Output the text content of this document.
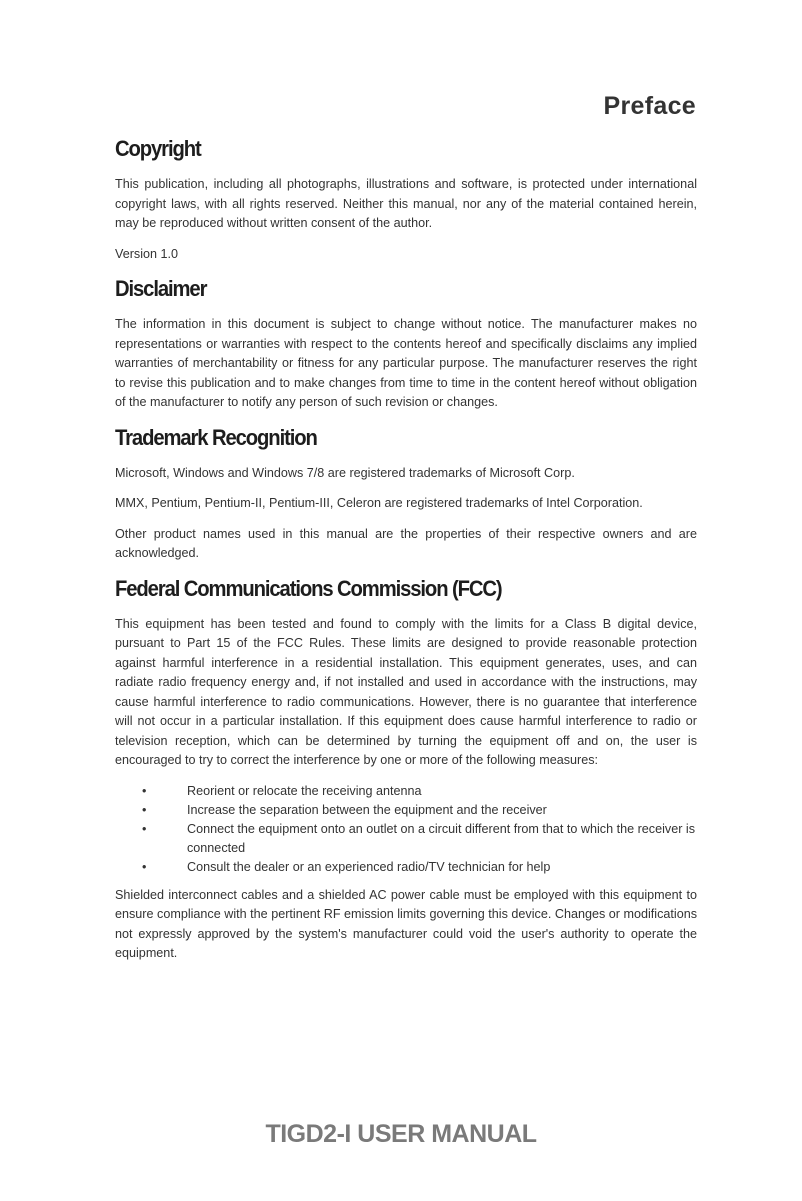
Preface
Copyright

This publication, including all photographs, illustrations and software, is protected under international copyright laws, with all rights reserved. Neither this manual, nor any of the material contained herein, may be reproduced without written consent of the author.

Version 1.0

Disclaimer

The information in this document is subject to change without notice. The manufacturer makes no representations or warranties with respect to the contents hereof and specifically disclaims any implied warranties of merchantability or fitness for any particular purpose. The manufacturer reserves the right to revise this publication and to make changes from time to time in the content hereof without obligation of the manufacturer to notify any person of such revision or changes.

Trademark Recognition

Microsoft, Windows and Windows 7/8 are registered trademarks of Microsoft Corp.

MMX, Pentium, Pentium-II, Pentium-III, Celeron are registered trademarks of Intel Corporation.

Other product names used in this manual are the properties of their respective owners and are acknowledged.

Federal Communications Commission (FCC)

This equipment has been tested and found to comply with the limits for a Class B digital device, pursuant to Part 15 of the FCC Rules. These limits are designed to provide reasonable protection against harmful interference in a residential installation. This equipment generates, uses, and can radiate radio frequency energy and, if not installed and used in accordance with the instructions, may cause harmful interference to radio communications. However, there is no guarantee that interference will not occur in a particular installation. If this equipment does cause harmful interference to radio or television reception, which can be determined by turning the equipment off and on, the user is encouraged to try to correct the interference by one or more of the following measures:

• Reorient or relocate the receiving antenna
• Increase the separation between the equipment and the receiver
• Connect the equipment onto an outlet on a circuit different from that to which the receiver is connected
• Consult the dealer or an experienced radio/TV technician for help

Shielded interconnect cables and a shielded AC power cable must be employed with this equipment to ensure compliance with the pertinent RF emission limits governing this device. Changes or modifications not expressly approved by the system's manufacturer could void the user's authority to operate the equipment.

TIGD2-I USER MANUAL
